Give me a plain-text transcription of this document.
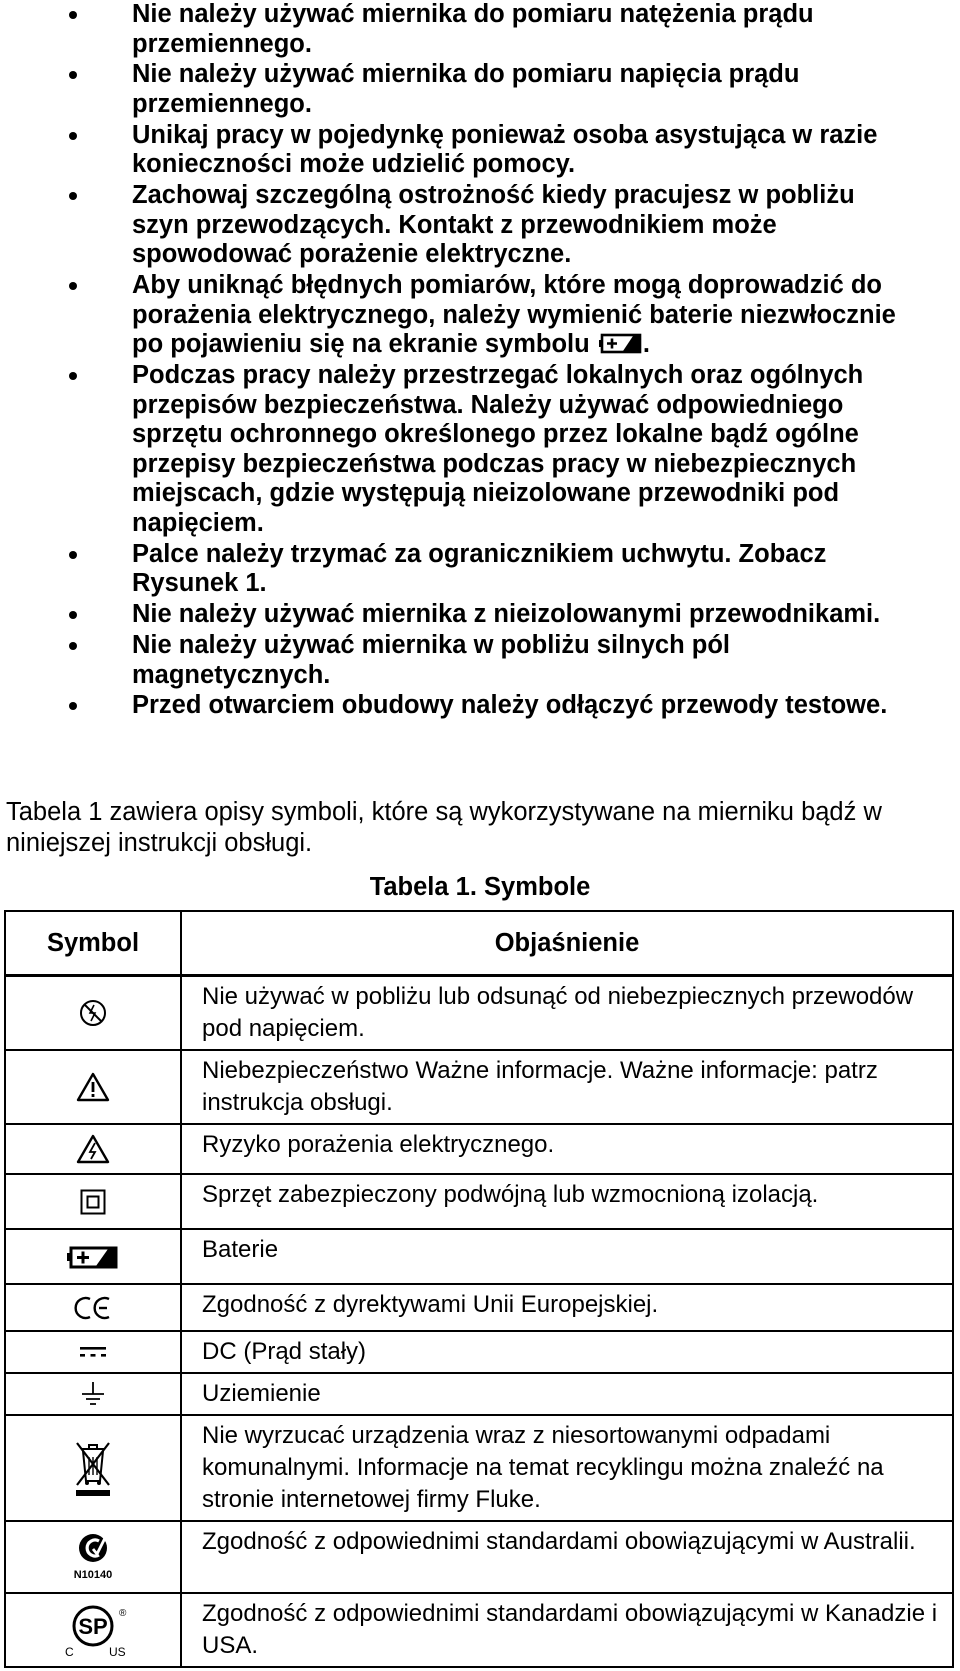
Nie należy używać miernika do pomiaru natężenia prądu przemiennego.
Nie należy używać miernika do pomiaru napięcia prądu przemiennego.
Unikaj pracy w pojedynkę ponieważ osoba asystująca w razie konieczności może udzielić pomocy.
Zachowaj szczególną ostrożność kiedy pracujesz w pobliżu szyn przewodzących. Kontakt z przewodnikiem może spowodować porażenie elektryczne.
Aby uniknąć błędnych pomiarów, które mogą doprowadzić do porażenia elektrycznego, należy wymienić baterie niezwłocznie po pojawieniu się na ekranie symbolu .
Podczas pracy należy przestrzegać lokalnych oraz ogólnych przepisów bezpieczeństwa. Należy używać odpowiedniego sprzętu ochronnego określonego przez lokalne bądź ogólne przepisy bezpieczeństwa podczas pracy w niebezpiecznych miejscach, gdzie występują nieizolowane przewodniki pod napięciem.
Palce należy trzymać za ogranicznikiem uchwytu. Zobacz Rysunek 1.
Nie należy używać miernika z nieizolowanymi przewodnikami.
Nie należy używać miernika w pobliżu silnych pól magnetycznych.
Przed otwarciem obudowy należy odłączyć przewody testowe.
Tabela 1 zawiera opisy symboli, które są wykorzystywane na mierniku bądź w niniejszej instrukcji obsługi.
Tabela 1. Symbole
Symbol	Objaśnienie

	Nie używać w pobliżu lub odsunąć od niebezpiecznych przewodów pod napięciem.

	Niebezpieczeństwo Ważne informacje. Ważne informacje: patrz instrukcja obsługi.

	Ryzyko porażenia elektrycznego.

	Sprzęt zabezpieczony podwójną lub wzmocnioną izolacją.

	Baterie

	Zgodność z dyrektywami Unii Europejskiej.

	DC (Prąd stały)

	Uziemienie

	Nie wyrzucać urządzenia wraz z niesortowanymi odpadami komunalnymi. Informacje na temat recyklingu można znaleźć na stronie internetowej firmy Fluke.

N10140	Zgodność z odpowiednimi standardami obowiązującymi w Australii.

SP
®
C US	Zgodność z odpowiednimi standardami obowiązującymi w Kanadzie i USA.
